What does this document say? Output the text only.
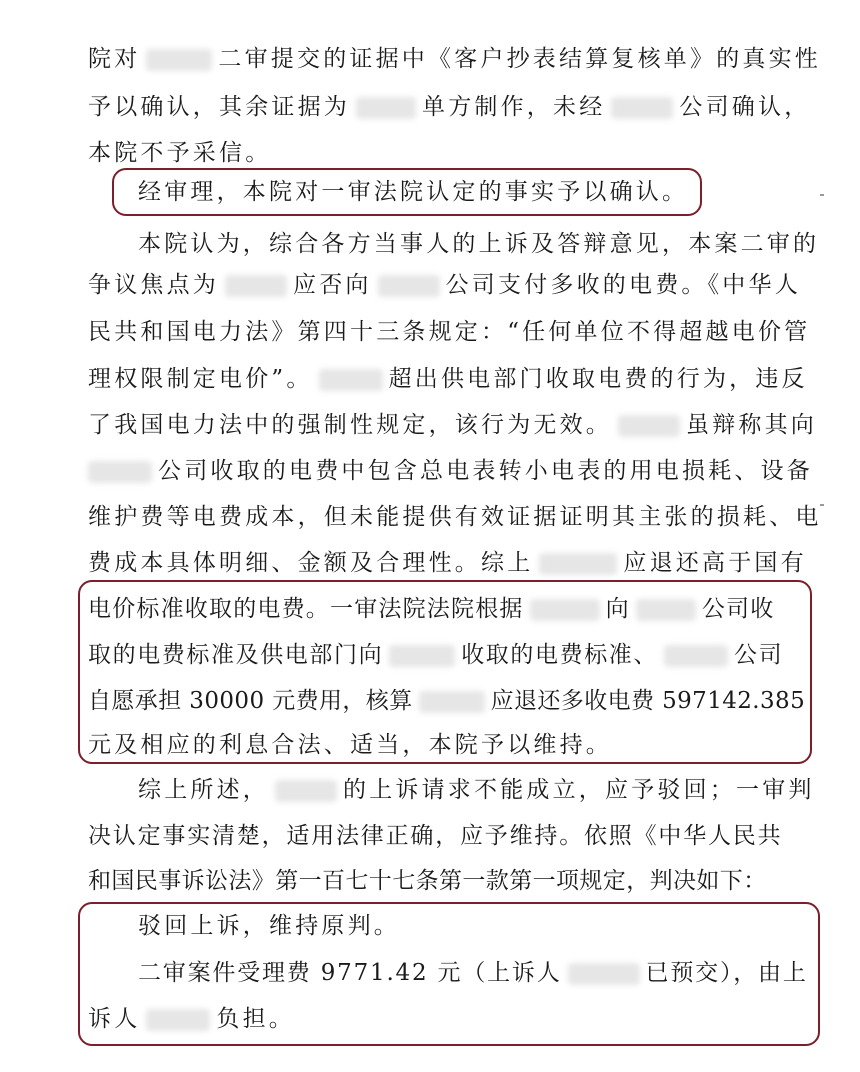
院对	二审提交的证据中《客户抄表结算复核单》的真实性
予以确认，其余证据为	单方制作，未经	公司确认，
本院不予采信。
经审理，本院对一审法院认定的事实予以确认。
本院认为，综合各方当事人的上诉及答辩意见，本案二审的
争议焦点为	应否向	公司支付多收的电费。《中华人
民共和国电力法》第四十三条规定：“任何单位不得超越电价管
理权限制定电价”。	超出供电部门收取电费的行为，违反
了我国电力法中的强制性规定，该行为无效。	虽辩称其向
公司收取的电费中包含总电表转小电表的用电损耗、设备
维护费等电费成本，但未能提供有效证据证明其主张的损耗、电
费成本具体明细、金额及合理性。综上	应退还高于国有
电价标准收取的电费。一审法院法院根据	向	公司收
取的电费标准及供电部门向	收取的电费标准、	公司
自愿承担 30000 元费用，核算	应退还多收电费 597142.385
元及相应的利息合法、适当，本院予以维持。
综上所述，	的上诉请求不能成立，应予驳回；一审判
决认定事实清楚，适用法律正确，应予维持。依照《中华人民共
和国民事诉讼法》第一百七十七条第一款第一项规定，判决如下：
驳回上诉，维持原判。
二审案件受理费 9771.42 元（上诉人	已预交），由上
诉人	负担。
